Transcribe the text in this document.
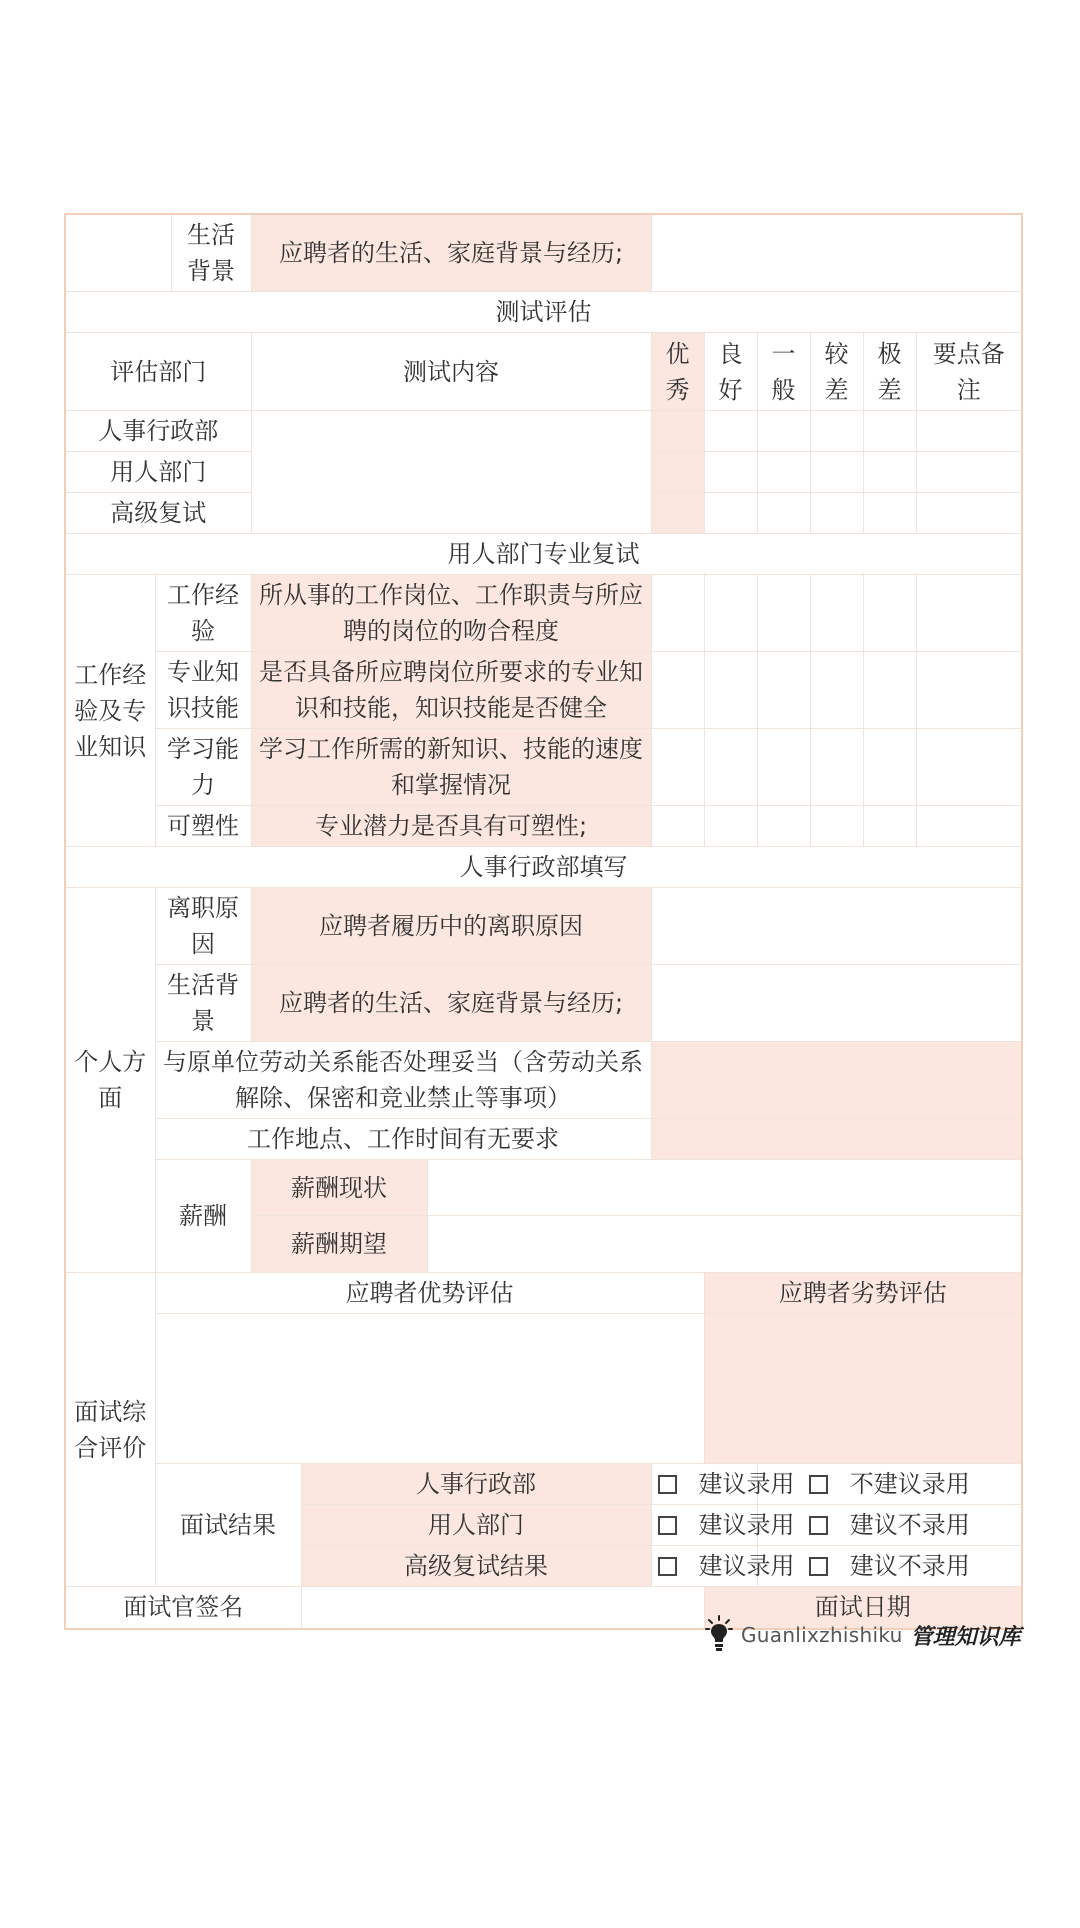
		生活背景	应聘者的生活、家庭背景与经历;								
测试评估											
评估部门			测试内容			优秀	良好	一般	较差	极差	要点备注
人事行政部											
用人部门											
高级复试											
用人部门专业复试											
工作经验及专业知识	工作经验		所从事的工作岗位、工作职责与所应聘的岗位的吻合程度								
	专业知识技能		是否具备所应聘岗位所要求的专业知识和技能，知识技能是否健全								
	学习能力		学习工作所需的新知识、技能的速度和掌握情况								
	可塑性		专业潜力是否具有可塑性;								
人事行政部填写											
个人方面	离职原因		应聘者履历中的离职原因								
	生活背景		应聘者的生活、家庭背景与经历;								
	与原单位劳动关系能否处理妥当（含劳动关系解除、保密和竞业禁止等事项）										
	工作地点、工作时间有无要求										
	薪酬		薪酬现状								
			薪酬期望								
面试综合评价	应聘者优势评估						应聘者劣势评估				

	面试结果			人事行政部		建议录用		不建议录用			
				用人部门		建议录用		建议不录用			
				高级复试结果		建议录用		建议不录用			
面试官签名							面试日期				
Guanlixzhishiku 管理知识库
